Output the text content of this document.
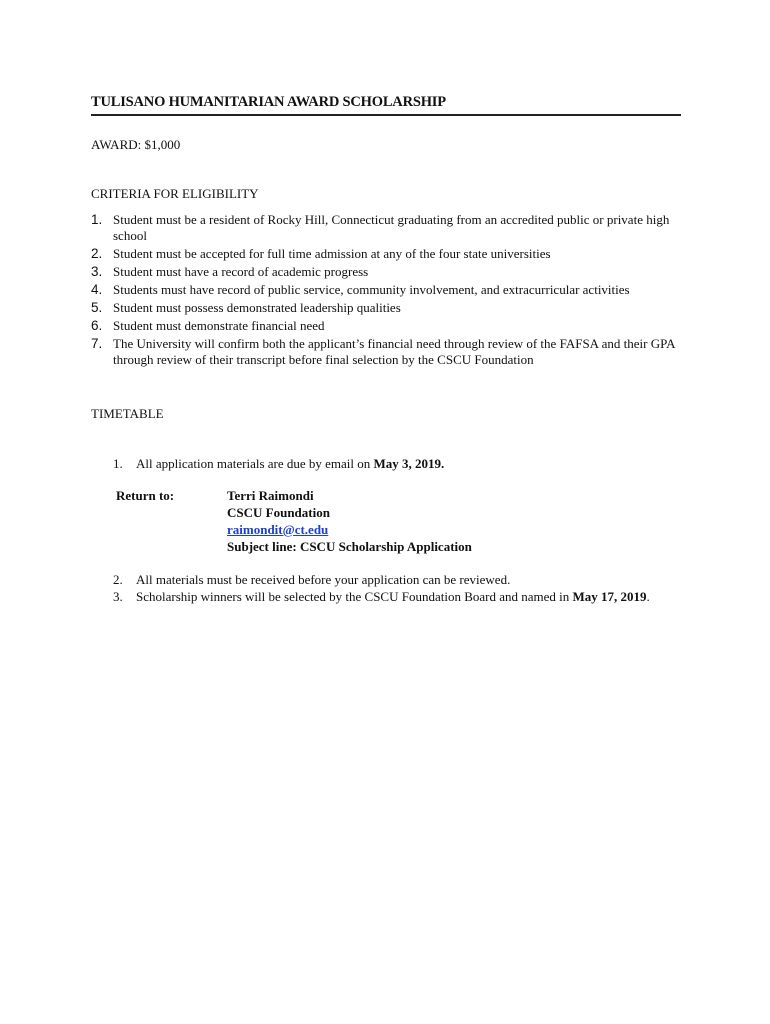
TULISANO HUMANITARIAN AWARD SCHOLARSHIP
AWARD: $1,000
CRITERIA FOR ELIGIBILITY
1. Student must be a resident of Rocky Hill, Connecticut graduating from an accredited public or private high school
2. Student must be accepted for full time admission at any of the four state universities
3. Student must have a record of academic progress
4. Students must have record of public service, community involvement, and extracurricular activities
5. Student must possess demonstrated leadership qualities
6. Student must demonstrate financial need
7. The University will confirm both the applicant’s financial need through review of the FAFSA and their GPA through review of their transcript before final selection by the CSCU Foundation
TIMETABLE
1. All application materials are due by email on May 3, 2019.
Return to:	Terri Raimondi
CSCU Foundation
raimondit@ct.edu
Subject line: CSCU Scholarship Application
2. All materials must be received before your application can be reviewed.
3. Scholarship winners will be selected by the CSCU Foundation Board and named in May 17, 2019.
